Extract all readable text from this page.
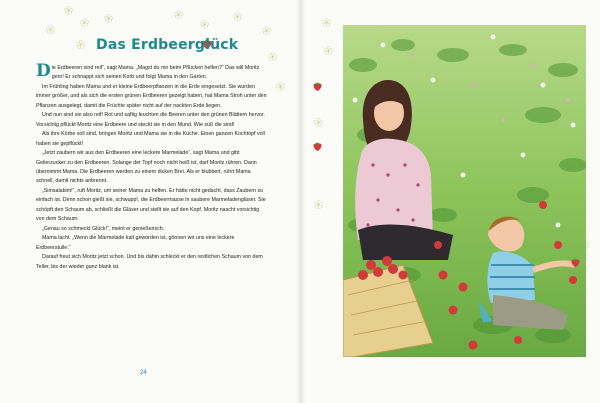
Das Erdbeerglück

D ie Erdbeeren sind reif“, sagt Mama. „Magst du mir beim Pflücken helfen?“ Das will Moritz gern! Er schnappt sich seinen Korb und folgt Mama in den Garten.

Im Frühling haben Mama und er kleine Erdbeerpflanzen in die Erde eingesetzt. Sie wurden immer größer, und als sich die ersten grünen Erdbeeren gezeigt haben, hat Mama Stroh unter den Pflanzen ausgelegt, damit die Früchte später nicht auf der nackten Erde liegen.

Und nun sind sie also reif! Rot und saftig leuchten die Beeren unter den grünen Blättern hervor. Vorsichtig pflückt Moritz eine Erdbeere und steckt sie in den Mund. Wie süß die sind!

Als ihre Körbe voll sind, bringen Moritz und Mama sie in die Küche. Einen ganzen Kochtopf voll haben sie gepflückt!

„Jetzt zaubern wir aus den Erdbeeren eine leckere Marmelade“, sagt Mama und gibt Gelierzucker zu den Erdbeeren. Solange der Topf noch nicht heiß ist, darf Moritz rühren. Dann übernimmt Mama. Die Erdbeeren werden zu einem dicken Brei. Als er blubbert, rührt Mama schnell, damit nichts anbrennt.

„Simsalabim!“, ruft Moritz, um seiner Mama zu helfen. Er hätte nicht gedacht, dass Zaubern so einfach ist. Denn schon gießt sie, schwupp!, die Erdbeermasse in saubere Marmeladengläser. Sie schöpft den Schaum ab, schließt die Gläser und stellt sie auf den Kopf. Moritz nascht vorsichtig von dem Schaum.

„Genau so schmeckt Glück!“, meint er genießerisch.

Mama lacht. „Wenn die Marmelade kalt geworden ist, gönnen wir uns eine leckere Erdbeerstulle.“

Darauf freut sich Moritz jetzt schon. Und bis dahin schleckt er den restlichen Schaum von dem Teller, bis der wieder ganz blank ist.

24
